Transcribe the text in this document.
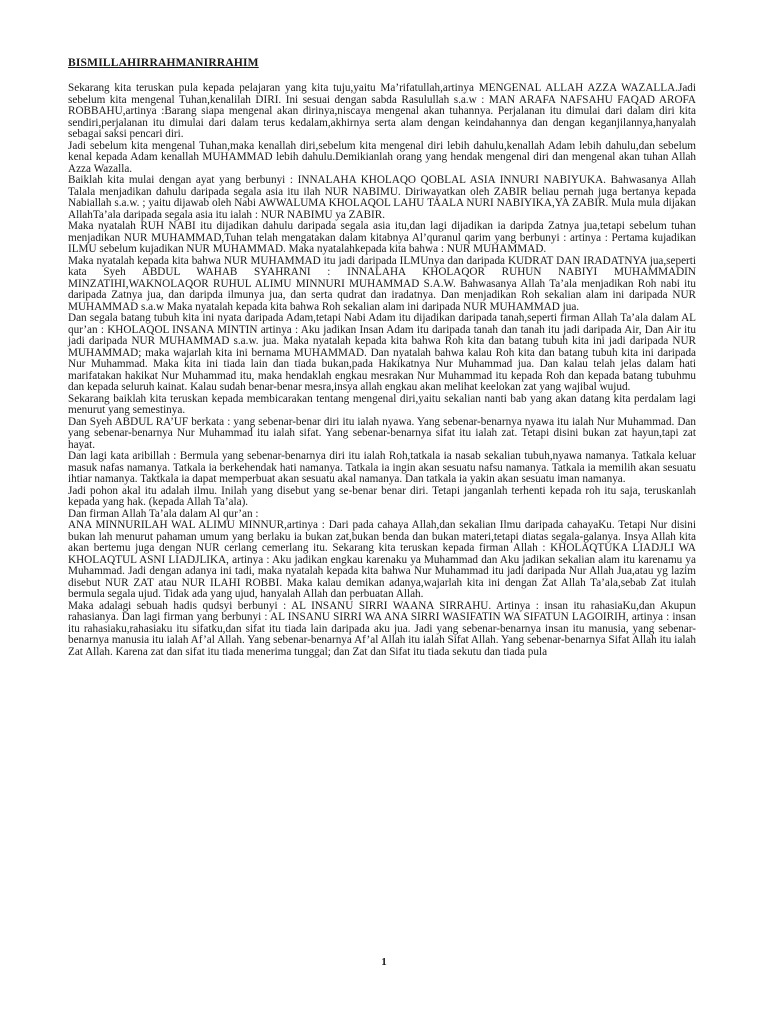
BISMILLAHIRRAHMANIRRAHIM

Sekarang kita teruskan pula kepada pelajaran yang kita tuju,yaitu Ma’rifatullah,artinya MENGENAL ALLAH AZZA WAZALLA.Jadi sebelum kita mengenal Tuhan,kenalilah DIRI. Ini sesuai dengan sabda Rasulullah s.a.w : MAN ARAFA NAFSAHU FAQAD AROFA ROBBAHU,artinya :Barang siapa mengenal akan dirinya,niscaya mengenal akan tuhannya. Perjalanan itu dimulai dari dalam diri kita sendiri,perjalanan itu dimulai dari dalam terus kedalam,akhirnya serta alam dengan keindahannya dan dengan keganjilannya,hanyalah sebagai saksi pencari diri.

Jadi sebelum kita mengenal Tuhan,maka kenallah diri,sebelum kita mengenal diri lebih dahulu,kenallah Adam lebih dahulu,dan sebelum kenal kepada Adam kenallah MUHAMMAD lebih dahulu.Demikianlah orang yang hendak mengenal diri dan mengenal akan tuhan Allah Azza Wazalla.

Baiklah kita mulai dengan ayat yang berbunyi : INNALAHA KHOLAQO QOBLAL ASIA INNURI NABIYUKA. Bahwasanya Allah Talala menjadikan dahulu daripada segala asia itu ilah NUR NABIMU. Diriwayatkan oleh ZABIR beliau pernah juga bertanya kepada Nabiallah s.a.w. ; yaitu dijawab oleh Nabi AWWALUMA KHOLAQOL LAHU TAALA NURI NABIYIKA,YA ZABIR. Mula mula dijakan AllahTa’ala daripada segala asia itu ialah : NUR NABIMU ya ZABIR.

Maka nyatalah RUH NABI itu dijadikan dahulu daripada segala asia itu,dan lagi dijadikan ia daripda Zatnya jua,tetapi sebelum tuhan menjadikan NUR MUHAMMAD,Tuhan telah mengatakan dalam kitabnya Al’quranul qarim yang berbunyi : artinya : Pertama kujadikan ILMU sebelum kujadikan NUR MUHAMMAD. Maka nyatalahkepada kita bahwa : NUR MUHAMMAD.

Maka nyatalah kepada kita bahwa NUR MUHAMMAD itu jadi daripada ILMUnya dan daripada KUDRAT DAN IRADATNYA jua,seperti kata Syeh ABDUL WAHAB SYAHRANI : INNALAHA KHOLAQOR RUHUN NABIYI MUHAMMADIN MINZATIHI,WAKNOLAQOR RUHUL ALIMU MINNURI MUHAMMAD S.A.W. Bahwasanya Allah Ta’ala menjadikan Roh nabi itu daripada Zatnya jua, dan daripda ilmunya jua, dan serta qudrat dan iradatnya. Dan menjadikan Roh sekalian alam ini daripada NUR MUHAMMAD s.a.w Maka nyatalah kepada kita bahwa Roh sekalian alam ini daripada NUR MUHAMMAD jua.

Dan segala batang tubuh kita ini nyata daripada Adam,tetapi Nabi Adam itu dijadikan daripada tanah,seperti firman Allah Ta’ala dalam AL qur’an : KHOLAQOL INSANA MINTIN artinya : Aku jadikan Insan Adam itu daripada tanah dan tanah itu jadi daripada Air, Dan Air itu jadi daripada NUR MUHAMMAD s.a.w. jua. Maka nyatalah kepada kita bahwa Roh kita dan batang tubuh kita ini jadi daripada NUR MUHAMMAD; maka wajarlah kita ini bernama MUHAMMAD. Dan nyatalah bahwa kalau Roh kita dan batang tubuh kita ini daripada Nur Muhammad. Maka kita ini tiada lain dan tiada bukan,pada Hakikatnya Nur Muhammad jua. Dan kalau telah jelas dalam hati marifatakan hakikat Nur Muhammad itu, maka hendaklah engkau mesrakan Nur Muhammad itu kepada Roh dan kepada batang tubuhmu dan kepada seluruh kainat. Kalau sudah benar-benar mesra,insya allah engkau akan melihat keelokan zat yang wajibal wujud.

Sekarang baiklah kita teruskan kepada membicarakan tentang mengenal diri,yaitu sekalian nanti bab yang akan datang kita perdalam lagi menurut yang semestinya.

Dan Syeh ABDUL RA’UF berkata : yang sebenar-benar diri itu ialah nyawa. Yang sebenar-benarnya nyawa itu ialah Nur Muhammad. Dan yang sebenar-benarnya Nur Muhammad itu ialah sifat. Yang sebenar-benarnya sifat itu ialah zat. Tetapi disini bukan zat hayun,tapi zat hayat.

Dan lagi kata aribillah : Bermula yang sebenar-benarnya diri itu ialah Roh,tatkala ia nasab sekalian tubuh,nyawa namanya. Tatkala keluar masuk nafas namanya. Tatkala ia berkehendak hati namanya. Tatkala ia ingin akan sesuatu nafsu namanya. Tatkala ia memilih akan sesuatu ihtiar namanya. Taktkala ia dapat memperbuat akan sesuatu akal namanya. Dan tatkala ia yakin akan sesuatu iman namanya.

Jadi pohon akal itu adalah ilmu. Inilah yang disebut yang se-benar benar diri. Tetapi janganlah terhenti kepada roh itu saja, teruskanlah kepada yang hak. (kepada Allah Ta’ala).

Dan firman Allah Ta’ala dalam Al qur’an :

ANA MINNURILAH WAL ALIMU MINNUR,artinya : Dari pada cahaya Allah,dan sekalian Ilmu daripada cahayaKu. Tetapi Nur disini bukan lah menurut pahaman umum yang berlaku ia bukan zat,bukan benda dan bukan materi,tetapi diatas segala-galanya. Insya Allah kita akan bertemu juga dengan NUR cerlang cemerlang itu. Sekarang kita teruskan kepada firman Allah : KHOLAQTUKA LIADJLI WA KHOLAQTUL ASNI LIADJLIKA, artinya : Aku jadikan engkau karenaku ya Muhammad dan Aku jadikan sekalian alam itu karenamu ya Muhammad. Jadi dengan adanya ini tadi, maka nyatalah kepada kita bahwa Nur Muhammad itu jadi daripada Nur Allah Jua,atau yg lazim disebut NUR ZAT atau NUR ILAHI ROBBI. Maka kalau demikan adanya,wajarlah kita ini dengan Zat Allah Ta’ala,sebab Zat itulah bermula segala ujud. Tidak ada yang ujud, hanyalah Allah dan perbuatan Allah.

Maka adalagi sebuah hadis qudsyi berbunyi : AL INSANU SIRRI WAANA SIRRAHU. Artinya : insan itu rahasiaKu,dan Akupun rahasianya. Dan lagi firman yang berbunyi : AL INSANU SIRRI WA ANA SIRRI WASIFATIN WA SIFATUN LAGOIRIH, artinya : insan itu rahasiaku,rahasiaku itu sifatku,dan sifat itu tiada lain daripada aku jua. Jadi yang sebenar-benarnya insan itu manusia, yang sebenar-benarnya manusia itu ialah Af’al Allah. Yang sebenar-benarnya Af’al Allah itu ialah Sifat Allah. Yang sebenar-benarnya Sifat Allah itu ialah Zat Allah. Karena zat dan sifat itu tiada menerima tunggal; dan Zat dan Sifat itu tiada sekutu dan tiada pula

1
